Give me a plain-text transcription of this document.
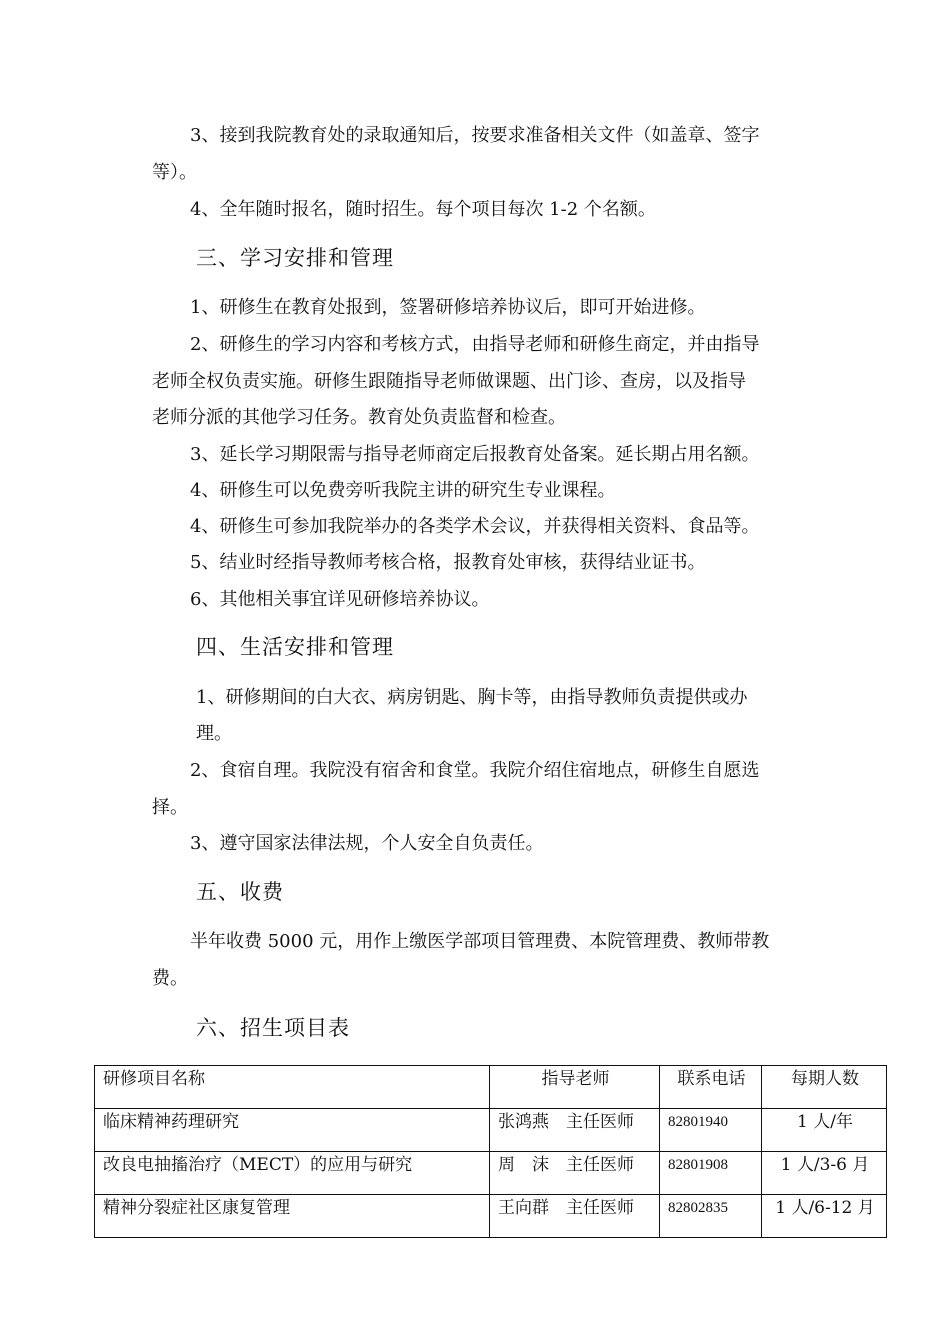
3、接到我院教育处的录取通知后，按要求准备相关文件（如盖章、签字
等）。
4、全年随时报名，随时招生。每个项目每次 1-2 个名额。
三、学习安排和管理
1、研修生在教育处报到，签署研修培养协议后，即可开始进修。
2、研修生的学习内容和考核方式，由指导老师和研修生商定，并由指导
老师全权负责实施。研修生跟随指导老师做课题、出门诊、查房，以及指导
老师分派的其他学习任务。教育处负责监督和检查。
3、延长学习期限需与指导老师商定后报教育处备案。延长期占用名额。
4、研修生可以免费旁听我院主讲的研究生专业课程。
4、研修生可参加我院举办的各类学术会议，并获得相关资料、食品等。
5、结业时经指导教师考核合格，报教育处审核，获得结业证书。
6、其他相关事宜详见研修培养协议。
四、生活安排和管理
1、研修期间的白大衣、病房钥匙、胸卡等，由指导教师负责提供或办
理。
2、食宿自理。我院没有宿舍和食堂。我院介绍住宿地点，研修生自愿选
择。
3、遵守国家法律法规，个人安全自负责任。
五、收费
半年收费 5000 元，用作上缴医学部项目管理费、本院管理费、教师带教
费。
六、招生项目表
研修项目名称	指导老师	联系电话	每期人数
临床精神药理研究	张鸿燕　主任医师	82801940	1 人/年
改良电抽搐治疗（MECT）的应用与研究	周　沫　主任医师	82801908	1 人/3-6 月
精神分裂症社区康复管理	王向群　主任医师	82802835	1 人/6-12 月
